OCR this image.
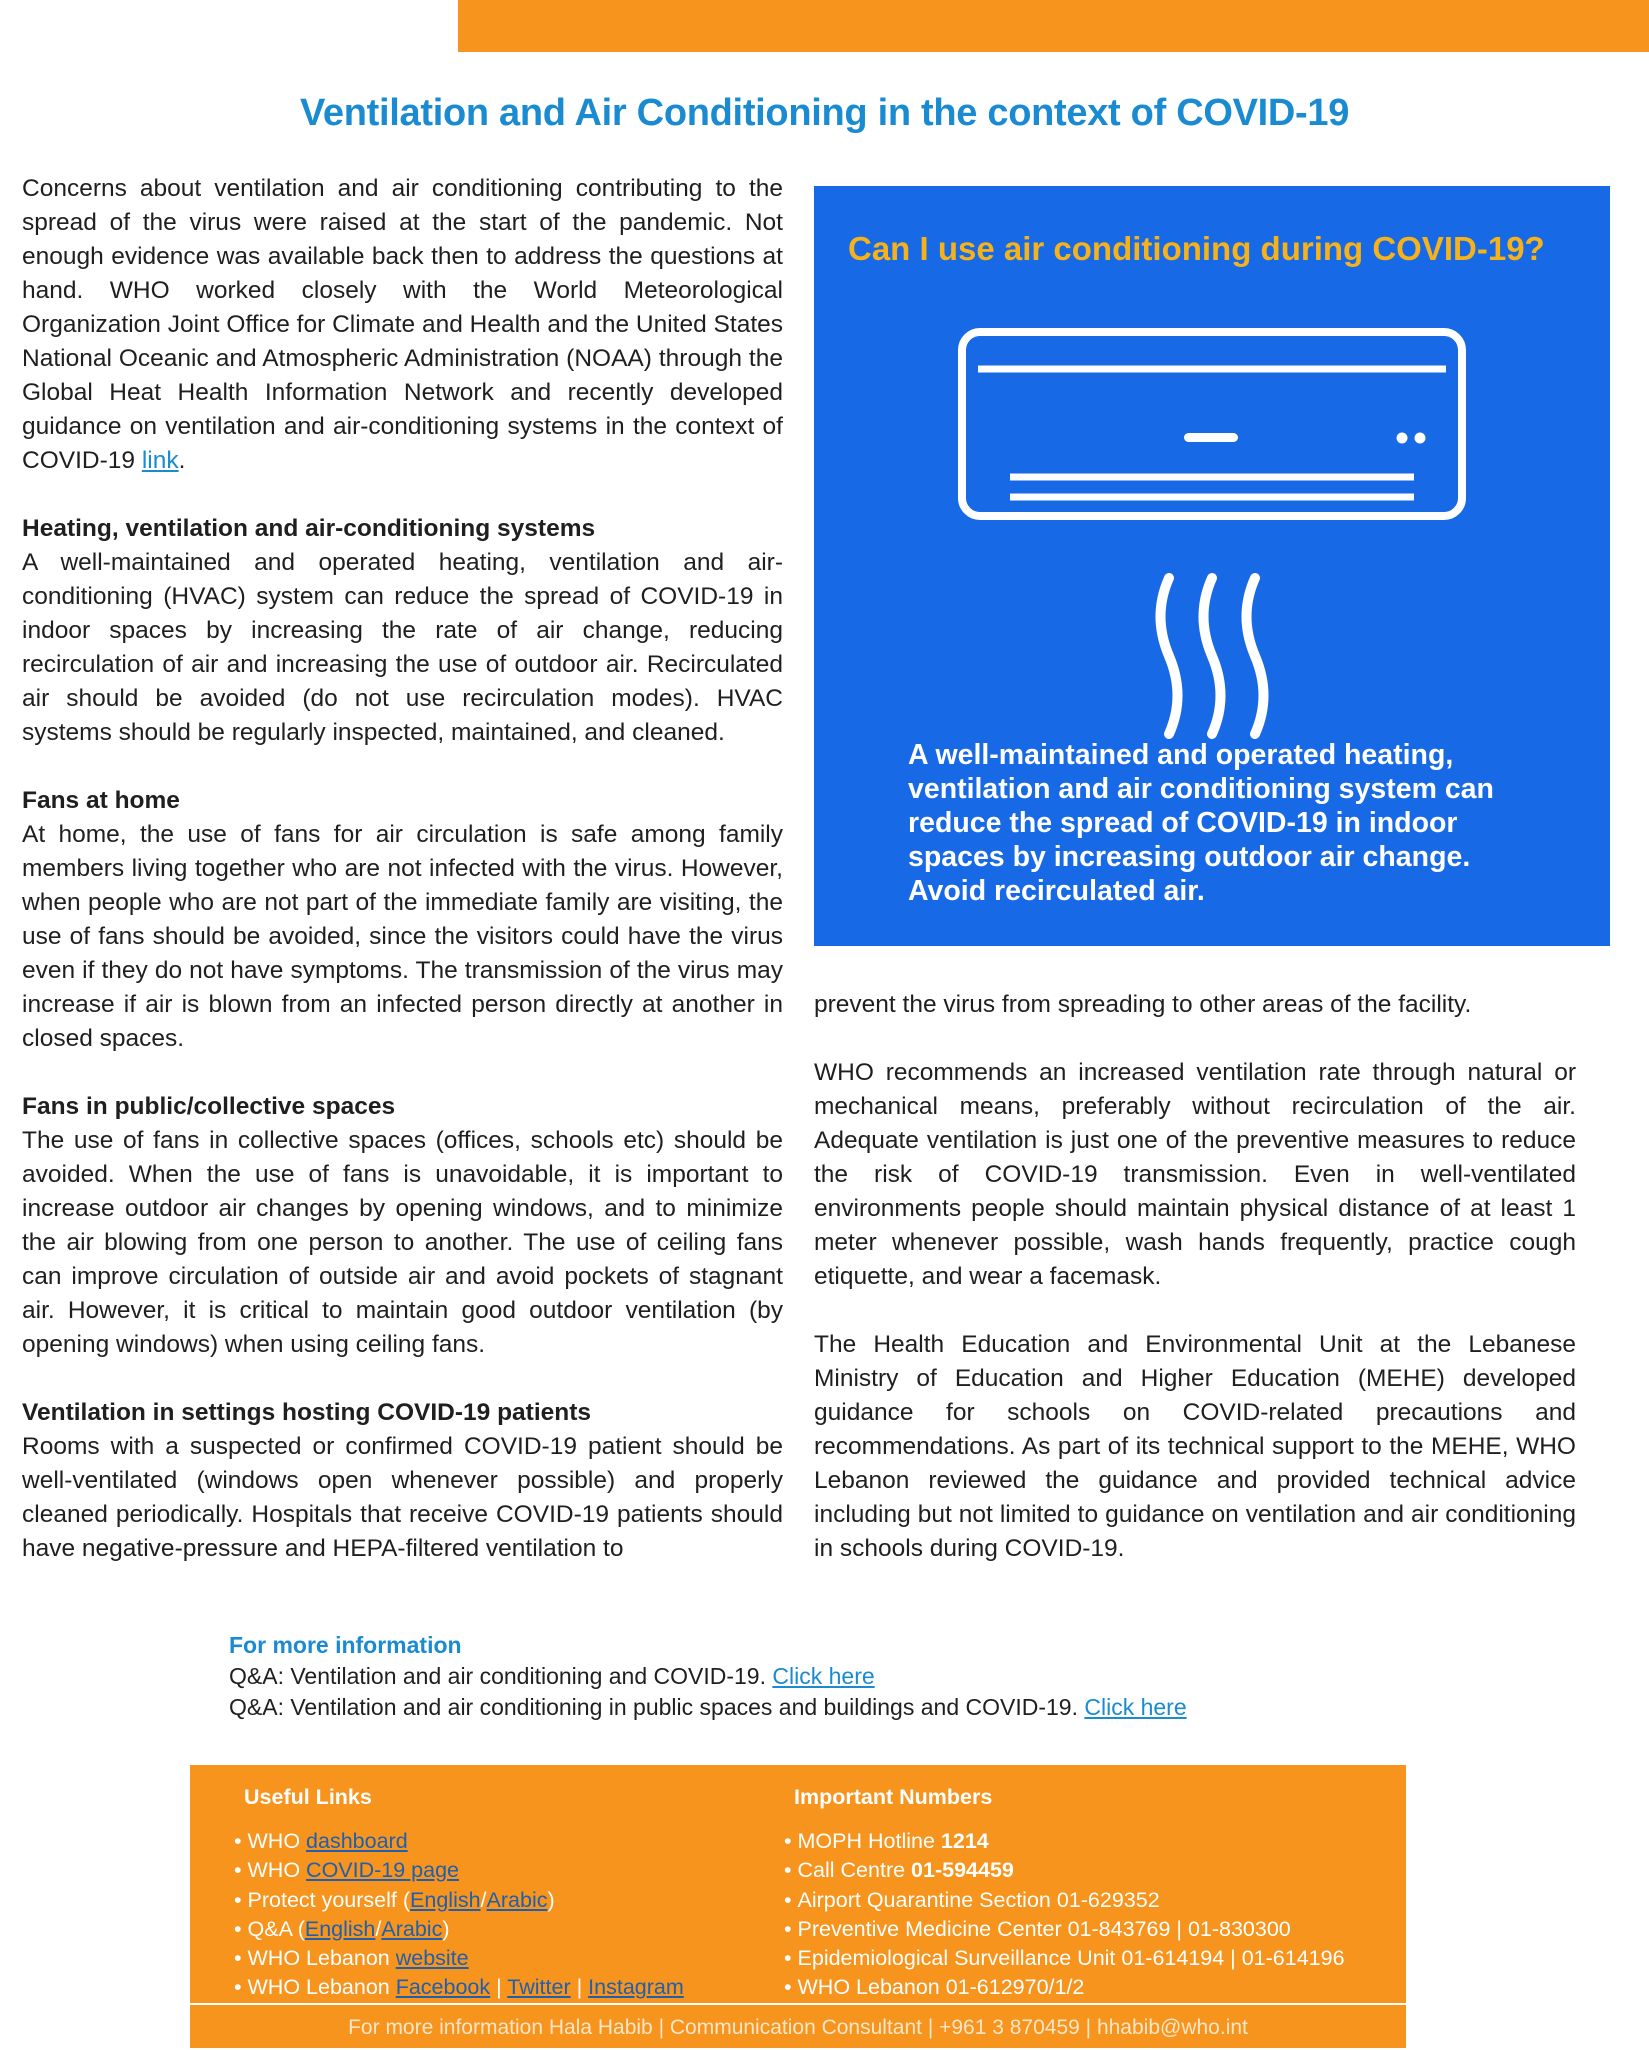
Ventilation and Air Conditioning in the context of COVID-19

Concerns about ventilation and air conditioning contributing to the spread of the virus were raised at the start of the pandemic. Not enough evidence was available back then to address the questions at hand. WHO worked closely with the World Meteorological Organization Joint Office for Climate and Health and the United States National Oceanic and Atmospheric Administration (NOAA) through the Global Heat Health Information Network and recently developed guidance on ventilation and air-conditioning systems in the context of COVID-19 link.

Heating, ventilation and air-conditioning systems

A well-maintained and operated heating, ventilation and air-conditioning (HVAC) system can reduce the spread of COVID-19 in indoor spaces by increasing the rate of air change, reducing recirculation of air and increasing the use of outdoor air. Recirculated air should be avoided (do not use recirculation modes). HVAC systems should be regularly inspected, maintained, and cleaned.

Fans at home

At home, the use of fans for air circulation is safe among family members living together who are not infected with the virus. However, when people who are not part of the immediate family are visiting, the use of fans should be avoided, since the visitors could have the virus even if they do not have symptoms. The transmission of the virus may increase if air is blown from an infected person directly at another in closed spaces.

Fans in public/collective spaces

The use of fans in collective spaces (offices, schools etc) should be avoided. When the use of fans is unavoidable, it is important to increase outdoor air changes by opening windows, and to minimize the air blowing from one person to another. The use of ceiling fans can improve circulation of outside air and avoid pockets of stagnant air. However, it is critical to maintain good outdoor ventilation (by opening windows) when using ceiling fans.

Ventilation in settings hosting COVID-19 patients

Rooms with a suspected or confirmed COVID-19 patient should be well-ventilated (windows open whenever possible) and properly cleaned periodically. Hospitals that receive COVID-19 patients should have negative-pressure and HEPA-filtered ventilation to

Can I use air conditioning during COVID-19?
A well-maintained and operated heating, ventilation and air conditioning system can reduce the spread of COVID-19 in indoor spaces by increasing outdoor air change. Avoid recirculated air.

prevent the virus from spreading to other areas of the facility.

WHO recommends an increased ventilation rate through natural or mechanical means, preferably without recirculation of the air. Adequate ventilation is just one of the preventive measures to reduce the risk of COVID-19 transmission. Even in well-ventilated environments people should maintain physical distance of at least 1 meter whenever possible, wash hands frequently, practice cough etiquette, and wear a facemask.

The Health Education and Environmental Unit at the Lebanese Ministry of Education and Higher Education (MEHE) developed guidance for schools on COVID-related precautions and recommendations. As part of its technical support to the MEHE, WHO Lebanon reviewed the guidance and provided technical advice including but not limited to guidance on ventilation and air conditioning in schools during COVID-19.

For more information
Q&A: Ventilation and air conditioning and COVID-19. Click here
Q&A: Ventilation and air conditioning in public spaces and buildings and COVID-19. Click here
Useful Links
• WHO dashboard
• WHO COVID-19 page
• Protect yourself (English/Arabic)
• Q&A (English/Arabic)
• WHO Lebanon website
• WHO Lebanon Facebook | Twitter | Instagram
Important Numbers
• MOPH Hotline 1214
• Call Centre 01-594459
• Airport Quarantine Section 01-629352
• Preventive Medicine Center 01-843769 | 01-830300
• Epidemiological Surveillance Unit 01-614194 | 01-614196
• WHO Lebanon 01-612970/1/2
For more information Hala Habib | Communication Consultant | +961 3 870459 | hhabib@who.int
